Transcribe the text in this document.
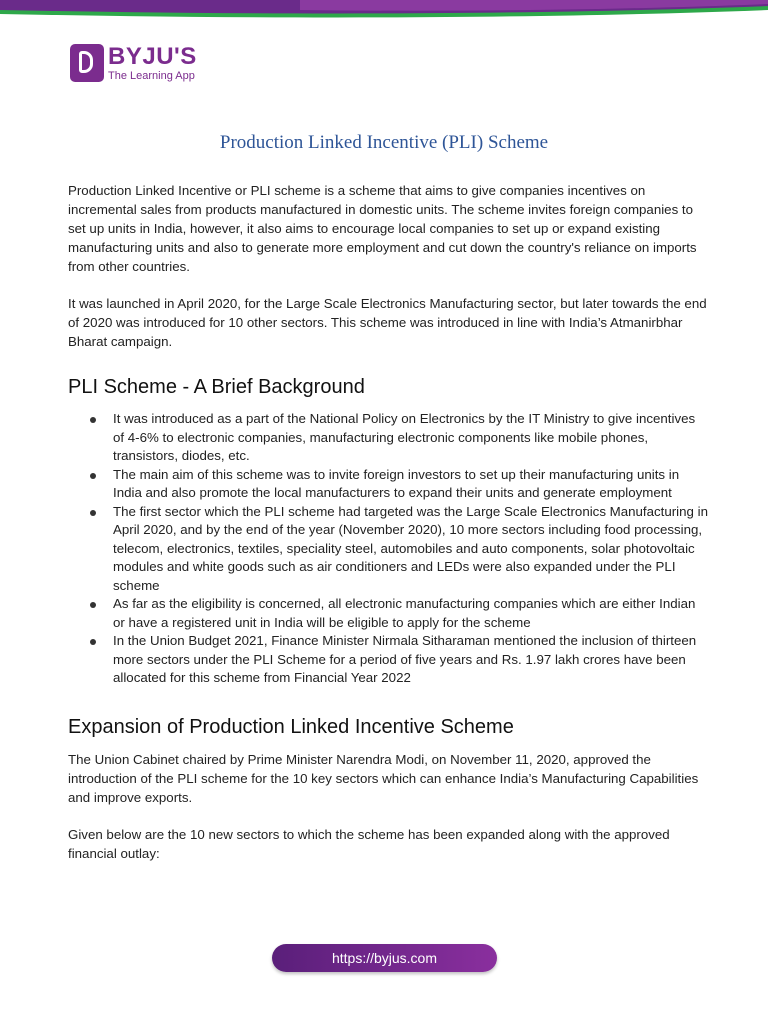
BYJU'S
The Learning App
Production Linked Incentive (PLI) Scheme

Production Linked Incentive or PLI scheme is a scheme that aims to give companies incentives on incremental sales from products manufactured in domestic units. The scheme invites foreign companies to set up units in India, however, it also aims to encourage local companies to set up or expand existing manufacturing units and also to generate more employment and cut down the country's reliance on imports from other countries.

It was launched in April 2020, for the Large Scale Electronics Manufacturing sector, but later towards the end of 2020 was introduced for 10 other sectors. This scheme was introduced in line with India’s Atmanirbhar Bharat campaign.

PLI Scheme - A Brief Background
It was introduced as a part of the National Policy on Electronics by the IT Ministry to give incentives of 4-6% to electronic companies, manufacturing electronic components like mobile phones, transistors, diodes, etc.
The main aim of this scheme was to invite foreign investors to set up their manufacturing units in India and also promote the local manufacturers to expand their units and generate employment
The first sector which the PLI scheme had targeted was the Large Scale Electronics Manufacturing in April 2020, and by the end of the year (November 2020), 10 more sectors including food processing, telecom, electronics, textiles, speciality steel, automobiles and auto components, solar photovoltaic modules and white goods such as air conditioners and LEDs were also expanded under the PLI scheme
As far as the eligibility is concerned, all electronic manufacturing companies which are either Indian or have a registered unit in India will be eligible to apply for the scheme
In the Union Budget 2021, Finance Minister Nirmala Sitharaman mentioned the inclusion of thirteen more sectors under the PLI Scheme for a period of five years and Rs. 1.97 lakh crores have been allocated for this scheme from Financial Year 2022
Expansion of Production Linked Incentive Scheme

The Union Cabinet chaired by Prime Minister Narendra Modi, on November 11, 2020, approved the introduction of the PLI scheme for the 10 key sectors which can enhance India’s Manufacturing Capabilities and improve exports.

Given below are the 10 new sectors to which the scheme has been expanded along with the approved financial outlay:

https://byjus.com
